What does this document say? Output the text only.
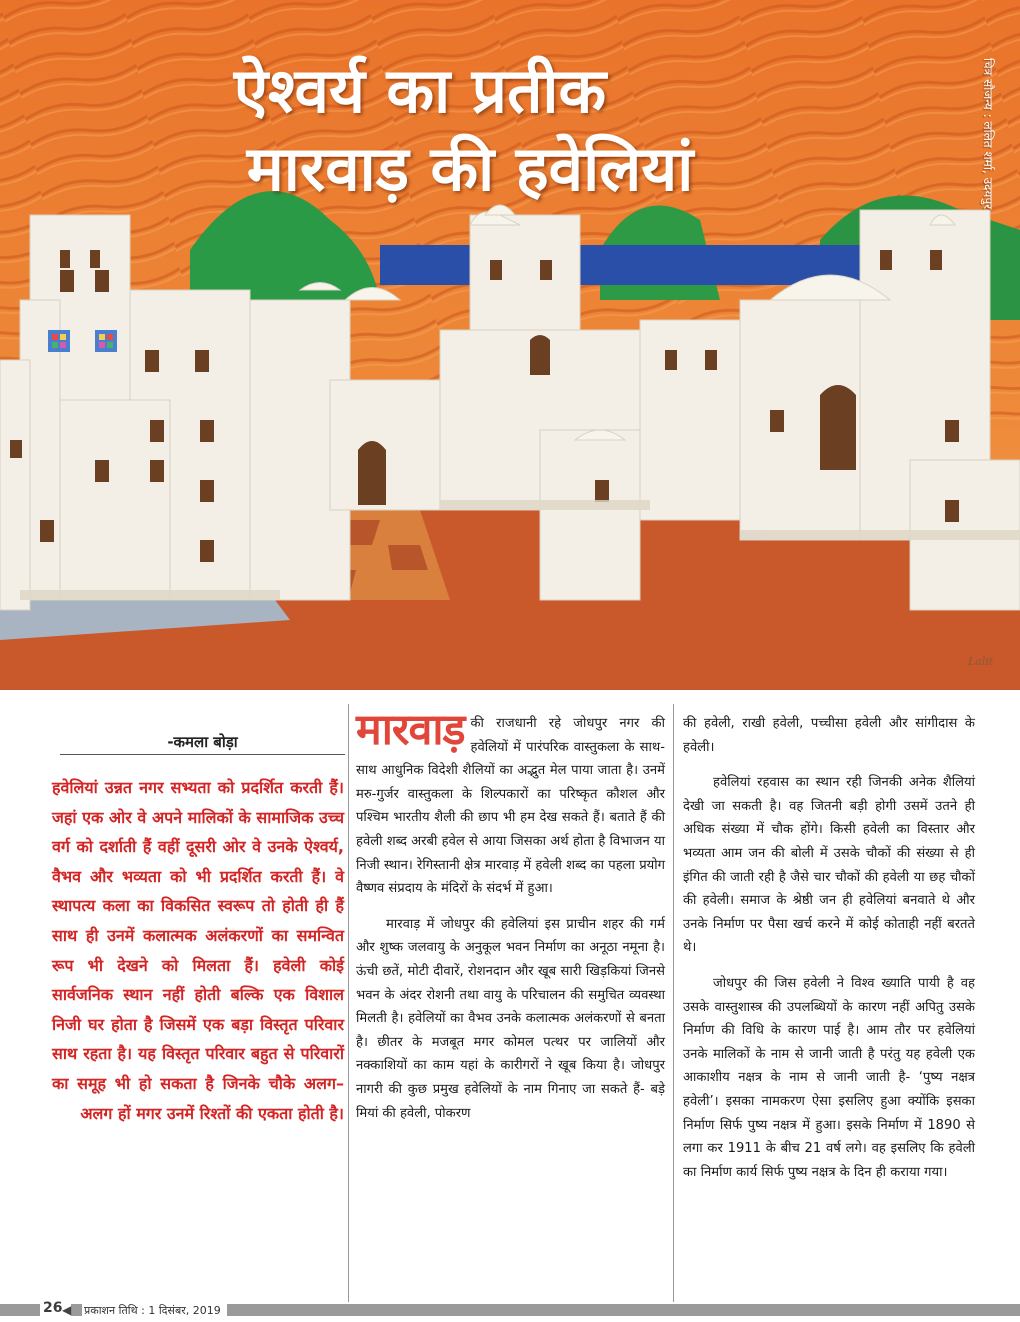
ऐश्वर्य का प्रतीक
मारवाड़ की हवेलियां	चित्र सौजन्य : ललित शर्मा, उदयपुर
Lalit
-कमला बोड़ा
हवेलियां उन्नत नगर सभ्यता को प्रदर्शित करती हैं। जहां एक ओर वे अपने मालिकों के सामाजिक उच्च वर्ग को दर्शाती हैं वहीं दूसरी ओर वे उनके ऐश्वर्य, वैभव और भव्यता को भी प्रदर्शित करती हैं। वे स्थापत्य कला का विकसित स्वरूप तो होती ही हैं साथ ही उनमें कलात्मक अलंकरणों का समन्वित रूप भी देखने को मिलता हैं। हवेली कोई सार्वजनिक स्थान नहीं होती बल्कि एक विशाल निजी घर होता है जिसमें एक बड़ा विस्तृत परिवार साथ रहता है। यह विस्तृत परिवार बहुत से परिवारों का समूह भी हो सकता है जिनके चौके अलग–अलग हों मगर उनमें रिश्तों की एकता होती है।

मारवाड़ की राजधानी रहे जोधपुर नगर की हवेलियों में पारंपरिक वास्तुकला के साथ-साथ आधुनिक विदेशी शैलियों का अद्भुत मेल पाया जाता है। उनमें मरु-गुर्जर वास्तुकला के शिल्पकारों का परिष्कृत कौशल और पश्चिम भारतीय शैली की छाप भी हम देख सकते हैं। बताते हैं की हवेली शब्द अरबी हवेल से आया जिसका अर्थ होता है विभाजन या निजी स्थान। रेगिस्तानी क्षेत्र मारवाड़ में हवेली शब्द का पहला प्रयोग वैष्णव संप्रदाय के मंदिरों के संदर्भ में हुआ।

मारवाड़ में जोधपुर की हवेलियां इस प्राचीन शहर की गर्म और शुष्क जलवायु के अनुकूल भवन निर्माण का अनूठा नमूना है। ऊंची छतें, मोटी दीवारें, रोशनदान और खूब सारी खिड़कियां जिनसे भवन के अंदर रोशनी तथा वायु के परिचालन की समुचित व्यवस्था मिलती है। हवेलियों का वैभव उनके कलात्मक अलंकरणों से बनता है। छीतर के मजबूत मगर कोमल पत्थर पर जालियों और नक्काशियों का काम यहां के कारीगरों ने खूब किया है। जोधपुर नागरी की कुछ प्रमुख हवेलियों के नाम गिनाए जा सकते हैं- बड़े मियां की हवेली, पोकरण

की हवेली, राखी हवेली, पच्चीसा हवेली और सांगीदास के हवेली।

हवेलियां रहवास का स्थान रही जिनकी अनेक शैलियां देखी जा सकती है। वह जितनी बड़ी होगी उसमें उतने ही अधिक संख्या में चौक होंगे। किसी हवेली का विस्तार और भव्यता आम जन की बोली में उसके चौकों की संख्या से ही इंगित की जाती रही है जैसे चार चौकों की हवेली या छह चौकों की हवेली। समाज के श्रेष्ठी जन ही हवेलियां बनवाते थे और उनके निर्माण पर पैसा खर्च करने में कोई कोताही नहीं बरतते थे।

जोधपुर की जिस हवेली ने विश्व ख्याति पायी है वह उसके वास्तुशास्त्र की उपलब्धियों के कारण नहीं अपितु उसके निर्माण की विधि के कारण पाई है। आम तौर पर हवेलियां उनके मालिकों के नाम से जानी जाती है परंतु यह हवेली एक आकाशीय नक्षत्र के नाम से जानी जाती है- ‘पुष्य नक्षत्र हवेली’। इसका नामकरण ऐसा इसलिए हुआ क्योंकि इसका निर्माण सिर्फ पुष्य नक्षत्र में हुआ। इसके निर्माण में 1890 से लगा कर 1911 के बीच 21 वर्ष लगे। वह इसलिए कि हवेली का निर्माण कार्य सिर्फ पुष्य नक्षत्र के दिन ही कराया गया।

26 ◀ प्रकाशन तिथि : 1 दिसंबर, 2019
